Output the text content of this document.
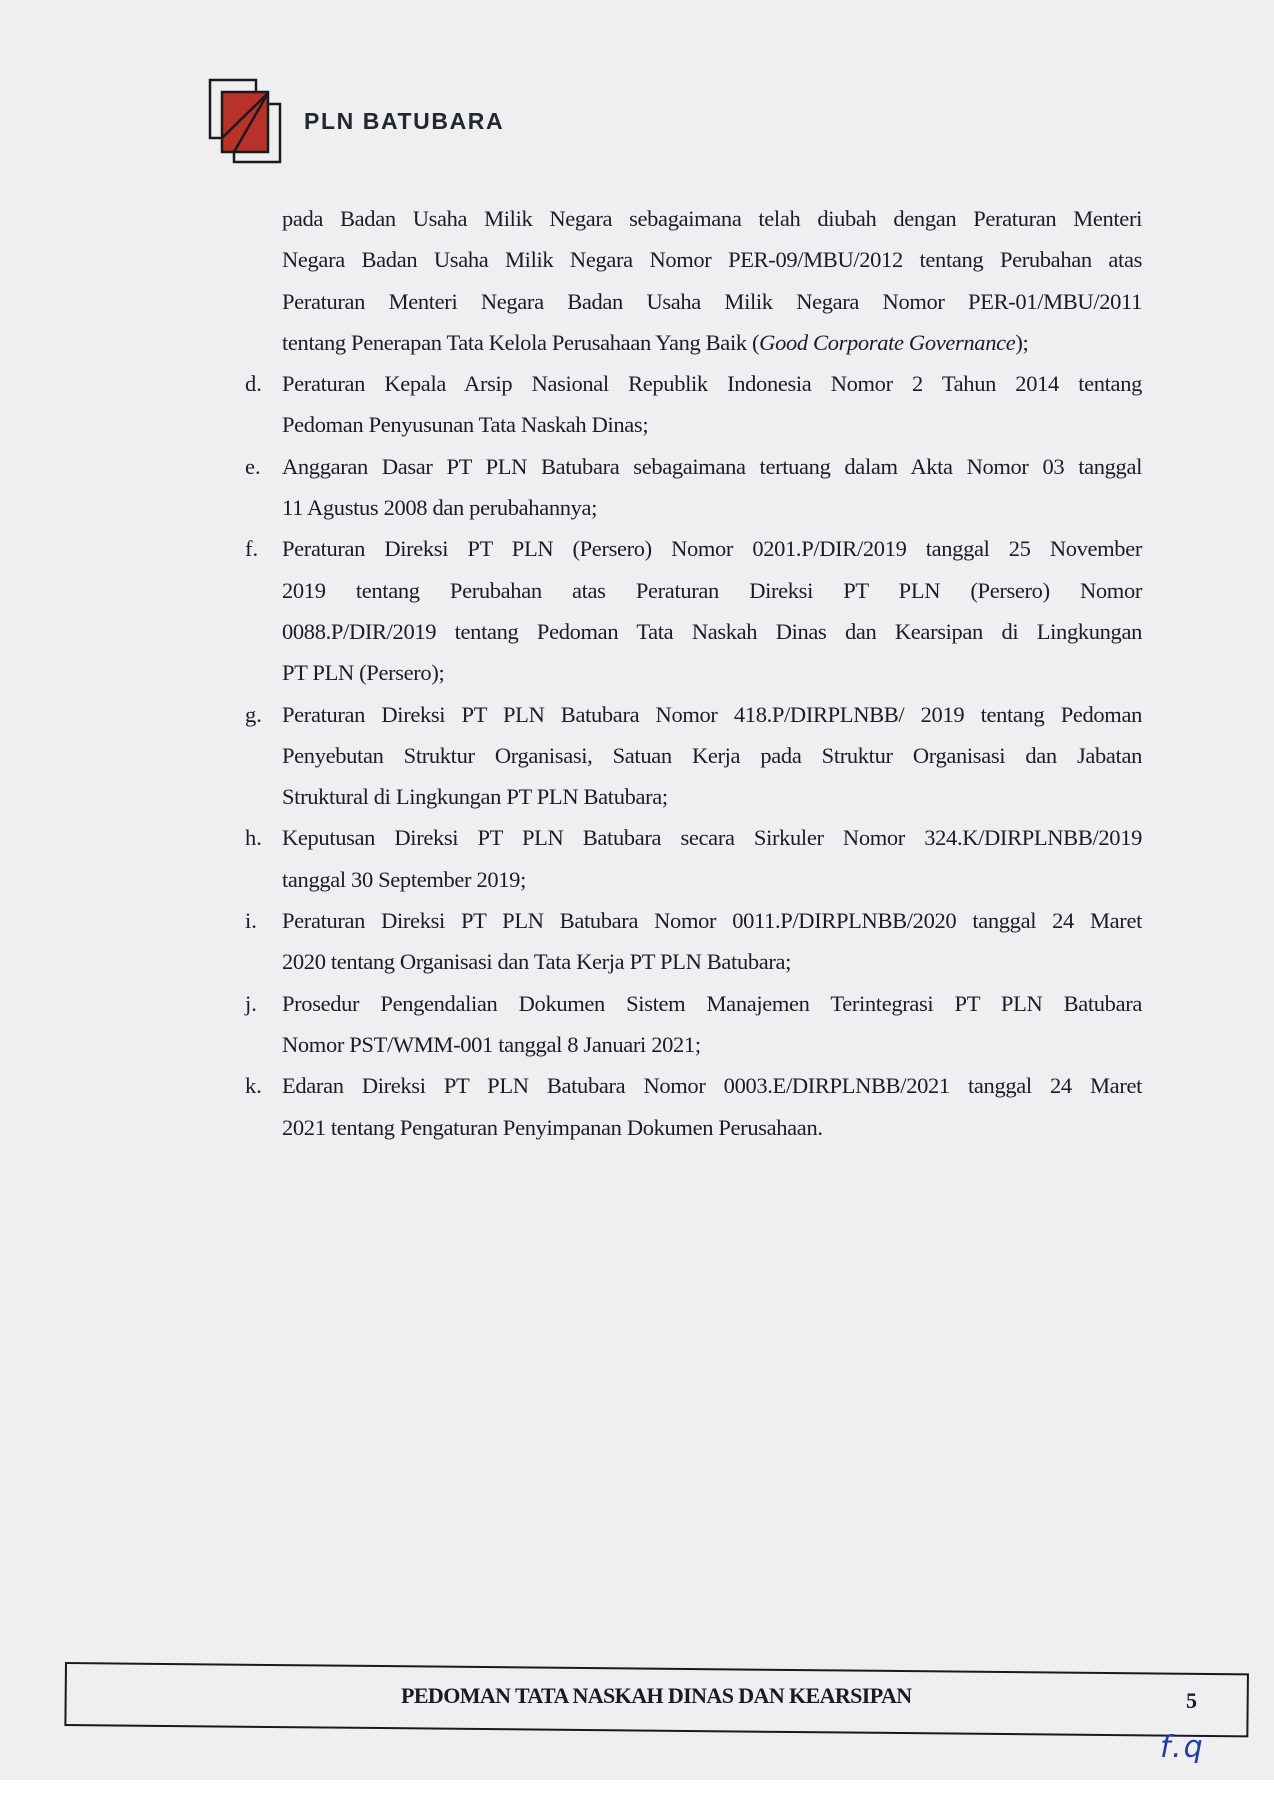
PLN BATUBARA
pada Badan Usaha Milik Negara sebagaimana telah diubah dengan Peraturan Menteri
Negara Badan Usaha Milik Negara Nomor PER-09/MBU/2012 tentang Perubahan atas
Peraturan Menteri Negara Badan Usaha Milik Negara Nomor PER-01/MBU/2011
tentang Penerapan Tata Kelola Perusahaan Yang Baik (Good Corporate Governance);
d. Peraturan Kepala Arsip Nasional Republik Indonesia Nomor 2 Tahun 2014 tentang
Pedoman Penyusunan Tata Naskah Dinas;
e. Anggaran Dasar PT PLN Batubara sebagaimana tertuang dalam Akta Nomor 03 tanggal
11 Agustus 2008 dan perubahannya;
f. Peraturan Direksi PT PLN (Persero) Nomor 0201.P/DIR/2019 tanggal 25 November
2019 tentang Perubahan atas Peraturan Direksi PT PLN (Persero) Nomor
0088.P/DIR/2019 tentang Pedoman Tata Naskah Dinas dan Kearsipan di Lingkungan
PT PLN (Persero);
g. Peraturan Direksi PT PLN Batubara Nomor 418.P/DIRPLNBB/ 2019 tentang Pedoman
Penyebutan Struktur Organisasi, Satuan Kerja pada Struktur Organisasi dan Jabatan
Struktural di Lingkungan PT PLN Batubara;
h. Keputusan Direksi PT PLN Batubara secara Sirkuler Nomor 324.K/DIRPLNBB/2019
tanggal 30 September 2019;
i. Peraturan Direksi PT PLN Batubara Nomor 0011.P/DIRPLNBB/2020 tanggal 24 Maret
2020 tentang Organisasi dan Tata Kerja PT PLN Batubara;
j. Prosedur Pengendalian Dokumen Sistem Manajemen Terintegrasi PT PLN Batubara
Nomor PST/WMM-001 tanggal 8 Januari 2021;
k. Edaran Direksi PT PLN Batubara Nomor 0003.E/DIRPLNBB/2021 tanggal 24 Maret
2021 tentang Pengaturan Penyimpanan Dokumen Perusahaan.
PEDOMAN TATA NASKAH DINAS DAN KEARSIPAN	5
f.q
